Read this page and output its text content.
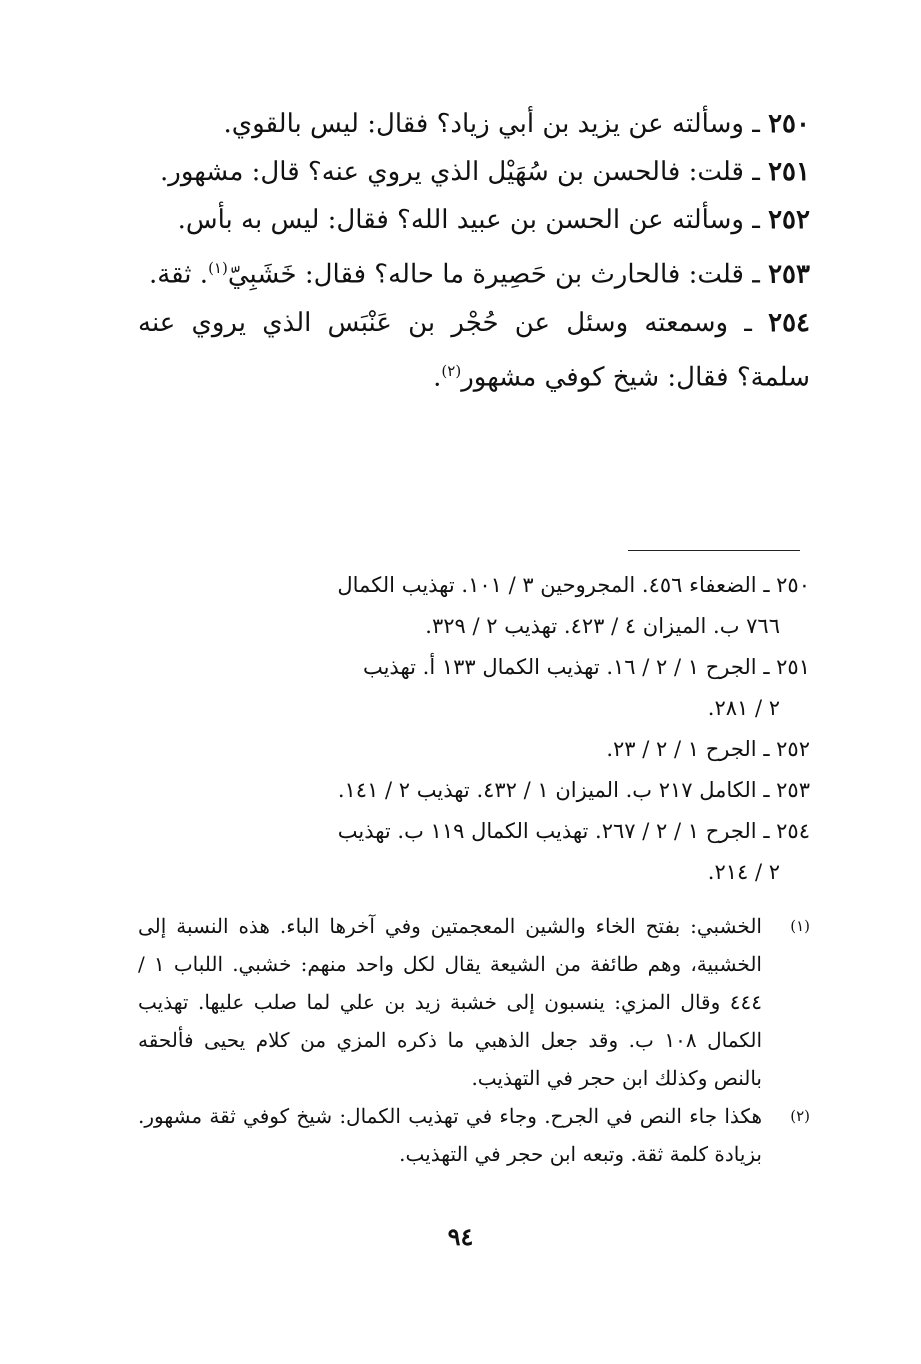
٢٥٠ ـ وسألته عن يزيد بن أبي زياد؟ فقال: ليس بالقوي.

٢٥١ ـ قلت: فالحسن بن سُهَيْل الذي يروي عنه؟ قال: مشهور.

٢٥٢ ـ وسألته عن الحسن بن عبيد الله؟ فقال: ليس به بأس.

٢٥٣ ـ قلت: فالحارث بن حَصِيرة ما حاله؟ فقال: خَشَبِيّ$^{(١)}$. ثقة.

٢٥٤ ـ وسمعته وسئل عن حُجْر بن عَنْبَس الذي يروي عنه سلمة؟ فقال: شيخ كوفي مشهور$^{(٢)}$.

٢٥٠ ـ الضعفاء ٤٥٦. المجروحين ٣ / ١٠١. تهذيب الكمال

٧٦٦ ب. الميزان ٤ / ٤٢٣. تهذيب ٢ / ٣٢٩.

٢٥١ ـ الجرح ١ / ٢ / ١٦. تهذيب الكمال ١٣٣ أ. تهذيب

٢ / ٢٨١.

٢٥٢ ـ الجرح ١ / ٢ / ٢٣.

٢٥٣ ـ الكامل ٢١٧ ب. الميزان ١ / ٤٣٢. تهذيب ٢ / ١٤١.

٢٥٤ ـ الجرح ١ / ٢ / ٢٦٧. تهذيب الكمال ١١٩ ب. تهذيب

٢ / ٢١٤.

(١)
الخشبي: بفتح الخاء والشين المعجمتين وفي آخرها الباء. هذه النسبة إلى الخشبية، وهم طائفة من الشيعة يقال لكل واحد منهم: خشبي. اللباب ١ / ٤٤٤ وقال المزي: ينسبون إلى خشبة زيد بن علي لما صلب عليها. تهذيب الكمال ١٠٨ ب. وقد جعل الذهبي ما ذكره المزي من كلام يحيى فألحقه بالنص وكذلك ابن حجر في التهذيب.
(٢)
هكذا جاء النص في الجرح. وجاء في تهذيب الكمال: شيخ كوفي ثقة مشهور. بزيادة كلمة ثقة. وتبعه ابن حجر في التهذيب.
٩٤
